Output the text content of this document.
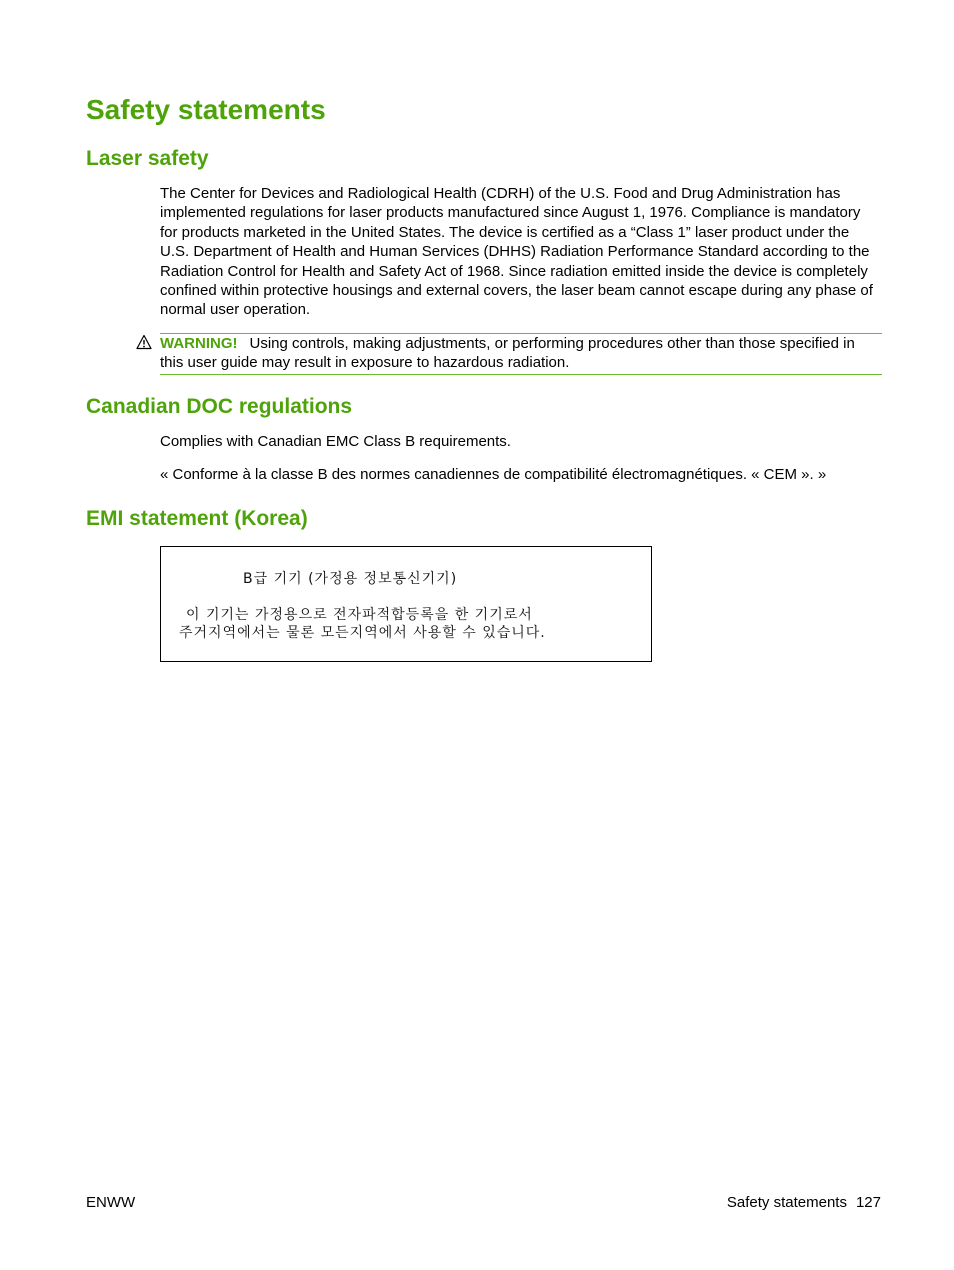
Safety statements
Laser safety

The Center for Devices and Radiological Health (CDRH) of the U.S. Food and Drug Administration has implemented regulations for laser products manufactured since August 1, 1976. Compliance is mandatory for products marketed in the United States. The device is certified as a “Class 1” laser product under the U.S. Department of Health and Human Services (DHHS) Radiation Performance Standard according to the Radiation Control for Health and Safety Act of 1968. Since radiation emitted inside the device is completely confined within protective housings and external covers, the laser beam cannot escape during any phase of normal user operation.

WARNING! Using controls, making adjustments, or performing procedures other than those specified in this user guide may result in exposure to hazardous radiation.
Canadian DOC regulations

Complies with Canadian EMC Class B requirements.

« Conforme à la classe B des normes canadiennes de compatibilité électromagnétiques. « CEM ». »

EMI statement (Korea)
B급 기기 (가정용 정보통신기기)
이 기기는 가정용으로 전자파적합등록을 한 기기로서
주거지역에서는 물론 모든지역에서 사용할 수 있습니다.
ENWW	Safety statements 127
